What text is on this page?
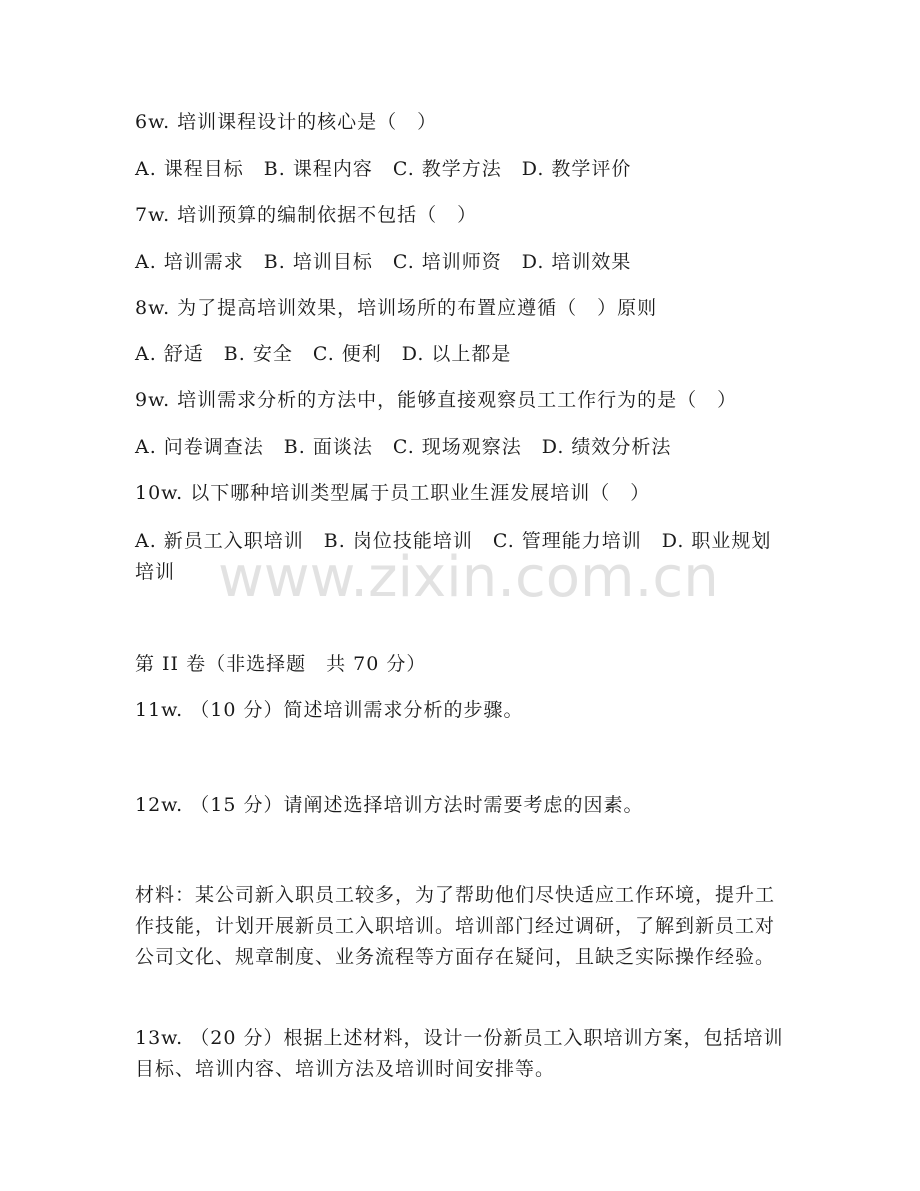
6w. 培训课程设计的核心是（　）
A. 课程目标　B. 课程内容　C. 教学方法　D. 教学评价
7w. 培训预算的编制依据不包括（　）
A. 培训需求　B. 培训目标　C. 培训师资　D. 培训效果
8w. 为了提高培训效果，培训场所的布置应遵循（　）原则
A. 舒适　B. 安全　C. 便利　D. 以上都是
9w. 培训需求分析的方法中，能够直接观察员工工作行为的是（　）
A. 问卷调查法　B. 面谈法　C. 现场观察法　D. 绩效分析法
10w. 以下哪种培训类型属于员工职业生涯发展培训（　）
A. 新员工入职培训　B. 岗位技能培训　C. 管理能力培训　D. 职业规划培训 www.zixin.com.cn
第 II 卷（非选择题　共 70 分）
11w. （10 分）简述培训需求分析的步骤。
12w. （15 分）请阐述选择培训方法时需要考虑的因素。
材料：某公司新入职员工较多，为了帮助他们尽快适应工作环境，提升工作技能，计划开展新员工入职培训。培训部门经过调研，了解到新员工对公司文化、规章制度、业务流程等方面存在疑问，且缺乏实际操作经验。
13w. （20 分）根据上述材料，设计一份新员工入职培训方案，包括培训目标、培训内容、培训方法及培训时间安排等。
